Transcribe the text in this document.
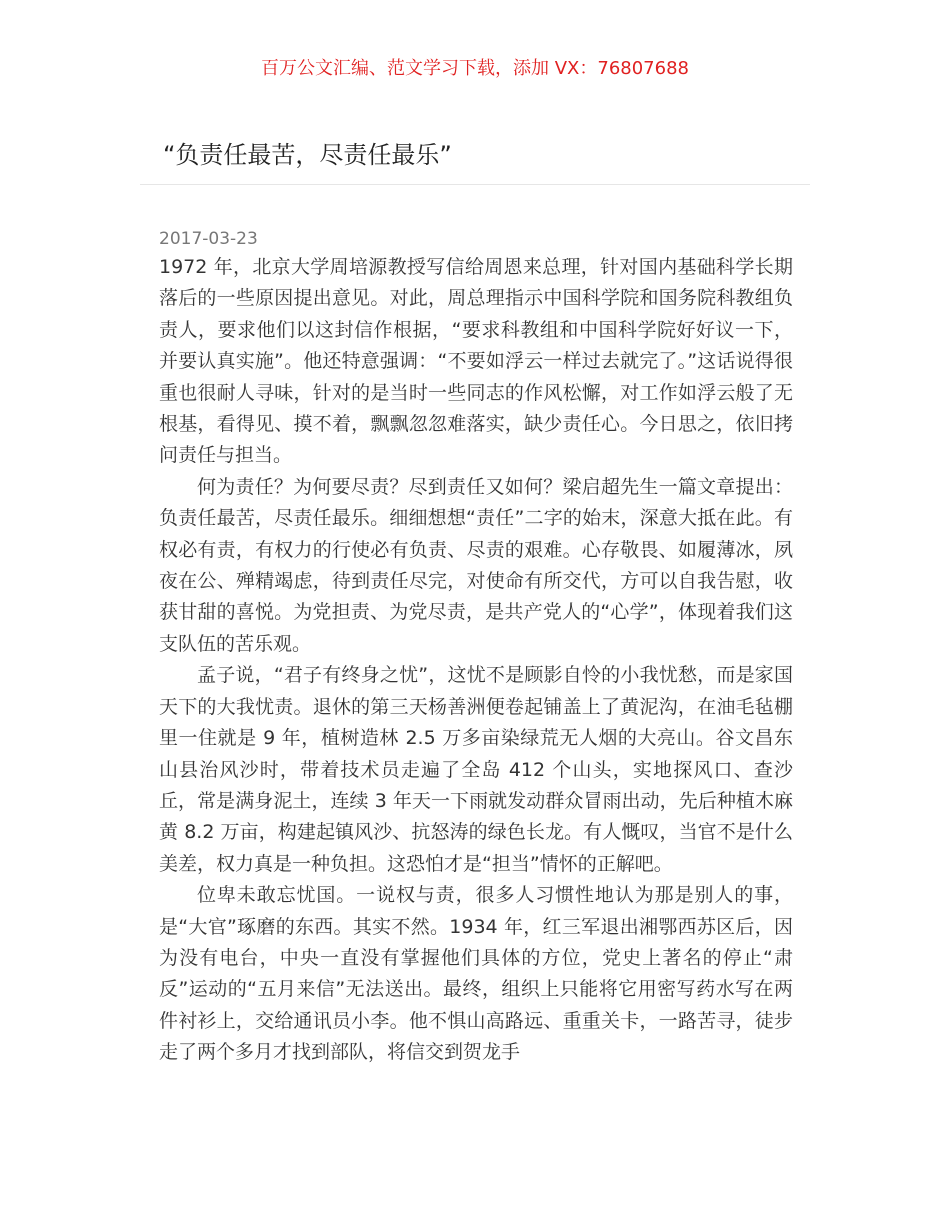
百万公文汇编、范文学习下载，添加 VX：76807688
“负责任最苦，尽责任最乐”

2017-03-23

1972 年，北京大学周培源教授写信给周恩来总理，针对国内基础科学长期落后的一些原因提出意见。对此，周总理指示中国科学院和国务院科教组负责人，要求他们以这封信作根据，“要求科教组和中国科学院好好议一下，并要认真实施”。他还特意强调：“不要如浮云一样过去就完了。”这话说得很重也很耐人寻味，针对的是当时一些同志的作风松懈，对工作如浮云般了无根基，看得见、摸不着，飘飘忽忽难落实，缺少责任心。今日思之，依旧拷问责任与担当。

何为责任？为何要尽责？尽到责任又如何？梁启超先生一篇文章提出：负责任最苦，尽责任最乐。细细想想“责任”二字的始末，深意大抵在此。有权必有责，有权力的行使必有负责、尽责的艰难。心存敬畏、如履薄冰，夙夜在公、殚精竭虑，待到责任尽完，对使命有所交代，方可以自我告慰，收获甘甜的喜悦。为党担责、为党尽责，是共产党人的“心学”，体现着我们这支队伍的苦乐观。

孟子说，“君子有终身之忧”，这忧不是顾影自怜的小我忧愁，而是家国天下的大我忧责。退休的第三天杨善洲便卷起铺盖上了黄泥沟，在油毛毡棚里一住就是 9 年，植树造林 2.5 万多亩染绿荒无人烟的大亮山。谷文昌东山县治风沙时，带着技术员走遍了全岛 412 个山头，实地探风口、查沙丘，常是满身泥土，连续 3 年天一下雨就发动群众冒雨出动，先后种植木麻黄 8.2 万亩，构建起镇风沙、抗怒涛的绿色长龙。有人慨叹，当官不是什么美差，权力真是一种负担。这恐怕才是“担当”情怀的正解吧。

位卑未敢忘忧国。一说权与责，很多人习惯性地认为那是别人的事，是“大官”琢磨的东西。其实不然。1934 年，红三军退出湘鄂西苏区后，因为没有电台，中央一直没有掌握他们具体的方位，党史上著名的停止“肃反”运动的“五月来信”无法送出。最终，组织上只能将它用密写药水写在两件衬衫上，交给通讯员小李。他不惧山高路远、重重关卡，一路苦寻，徒步走了两个多月才找到部队，将信交到贺龙手
